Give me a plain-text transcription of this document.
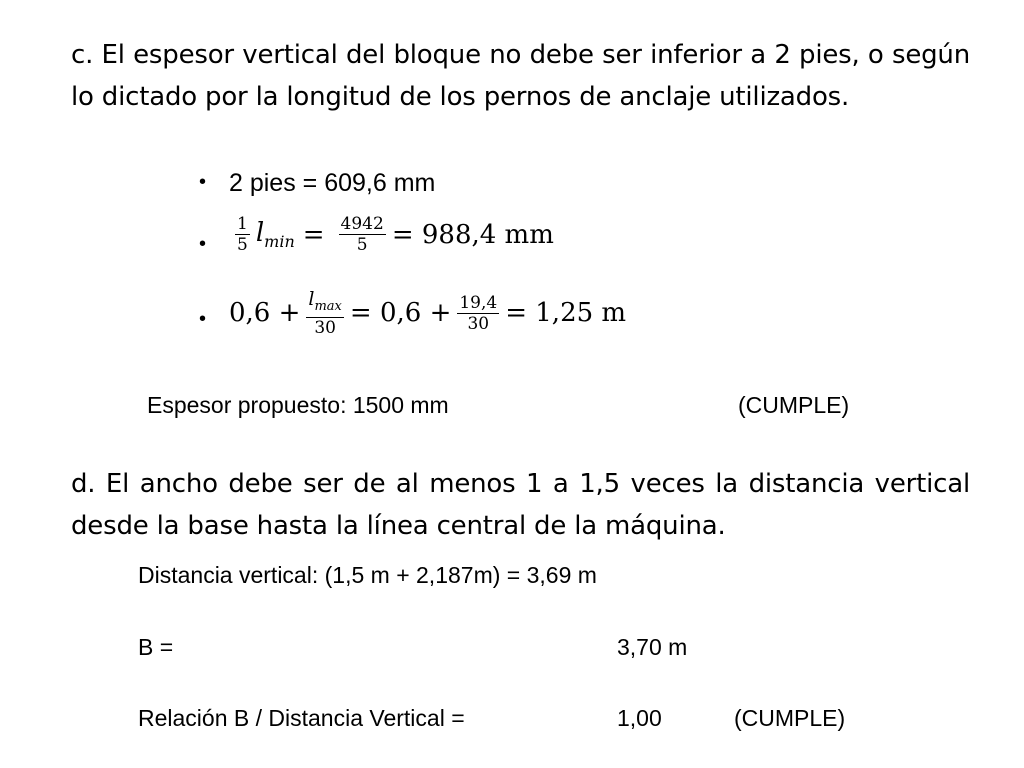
c. El espesor vertical del bloque no debe ser inferior a 2 pies, o según lo dictado por la longitud de los pernos de anclaje utilizados.

• 2 pies = 609,6 mm
• $\frac{1}{5} l_{min} = \frac{4942}{5} = 988,4$ mm
• $0,6 + \frac{l_{max}}{30} = 0,6 + \frac{19,4}{30} = 1,25$ m
Espesor propuesto: 1500 mm	(CUMPLE)

d. El ancho debe ser de al menos 1 a 1,5 veces la distancia vertical desde la base hasta la línea central de la máquina.

Distancia vertical: (1,5 m + 2,187m) = 3,69 m
B =	3,70 m
Relación B / Distancia Vertical =	1,00	(CUMPLE)
